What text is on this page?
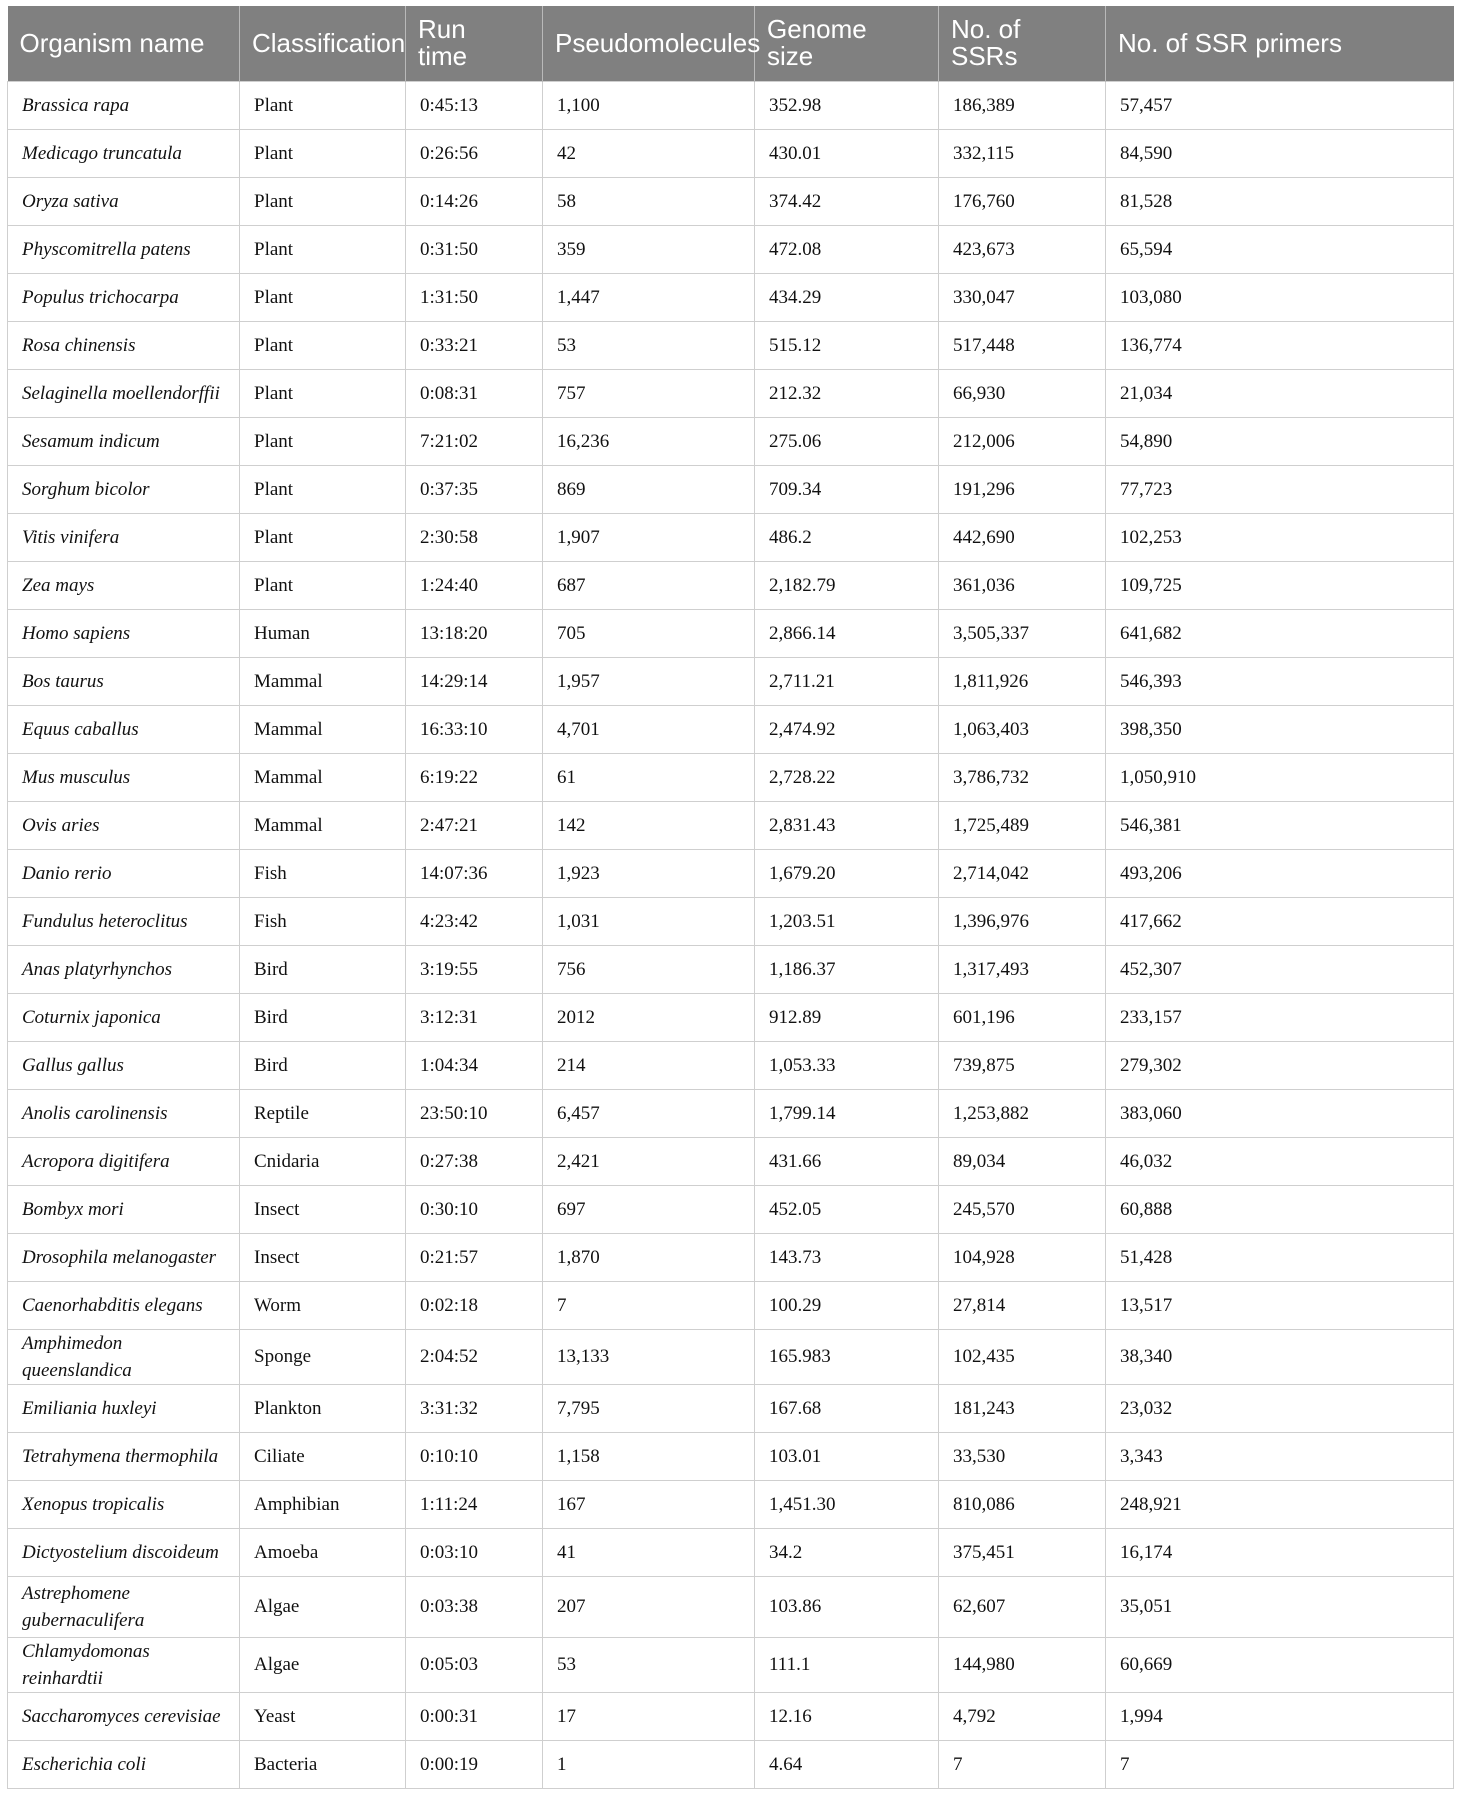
Organism name	Classification	Run time	Pseudomolecules	Genome size	No. of SSRs	No. of SSR primers
Brassica rapa	Plant	0:45:13	1,100	352.98	186,389	57,457
Medicago truncatula	Plant	0:26:56	42	430.01	332,115	84,590
Oryza sativa	Plant	0:14:26	58	374.42	176,760	81,528
Physcomitrella patens	Plant	0:31:50	359	472.08	423,673	65,594
Populus trichocarpa	Plant	1:31:50	1,447	434.29	330,047	103,080
Rosa chinensis	Plant	0:33:21	53	515.12	517,448	136,774
Selaginella moellendorffii	Plant	0:08:31	757	212.32	66,930	21,034
Sesamum indicum	Plant	7:21:02	16,236	275.06	212,006	54,890
Sorghum bicolor	Plant	0:37:35	869	709.34	191,296	77,723
Vitis vinifera	Plant	2:30:58	1,907	486.2	442,690	102,253
Zea mays	Plant	1:24:40	687	2,182.79	361,036	109,725
Homo sapiens	Human	13:18:20	705	2,866.14	3,505,337	641,682
Bos taurus	Mammal	14:29:14	1,957	2,711.21	1,811,926	546,393
Equus caballus	Mammal	16:33:10	4,701	2,474.92	1,063,403	398,350
Mus musculus	Mammal	6:19:22	61	2,728.22	3,786,732	1,050,910
Ovis aries	Mammal	2:47:21	142	2,831.43	1,725,489	546,381
Danio rerio	Fish	14:07:36	1,923	1,679.20	2,714,042	493,206
Fundulus heteroclitus	Fish	4:23:42	1,031	1,203.51	1,396,976	417,662
Anas platyrhynchos	Bird	3:19:55	756	1,186.37	1,317,493	452,307
Coturnix japonica	Bird	3:12:31	2012	912.89	601,196	233,157
Gallus gallus	Bird	1:04:34	214	1,053.33	739,875	279,302
Anolis carolinensis	Reptile	23:50:10	6,457	1,799.14	1,253,882	383,060
Acropora digitifera	Cnidaria	0:27:38	2,421	431.66	89,034	46,032
Bombyx mori	Insect	0:30:10	697	452.05	245,570	60,888
Drosophila melanogaster	Insect	0:21:57	1,870	143.73	104,928	51,428
Caenorhabditis elegans	Worm	0:02:18	7	100.29	27,814	13,517
Amphimedon queenslandica	Sponge	2:04:52	13,133	165.983	102,435	38,340
Emiliania huxleyi	Plankton	3:31:32	7,795	167.68	181,243	23,032
Tetrahymena thermophila	Ciliate	0:10:10	1,158	103.01	33,530	3,343
Xenopus tropicalis	Amphibian	1:11:24	167	1,451.30	810,086	248,921
Dictyostelium discoideum	Amoeba	0:03:10	41	34.2	375,451	16,174
Astrephomene gubernaculifera	Algae	0:03:38	207	103.86	62,607	35,051
Chlamydomonas reinhardtii	Algae	0:05:03	53	111.1	144,980	60,669
Saccharomyces cerevisiae	Yeast	0:00:31	17	12.16	4,792	1,994
Escherichia coli	Bacteria	0:00:19	1	4.64	7	7
